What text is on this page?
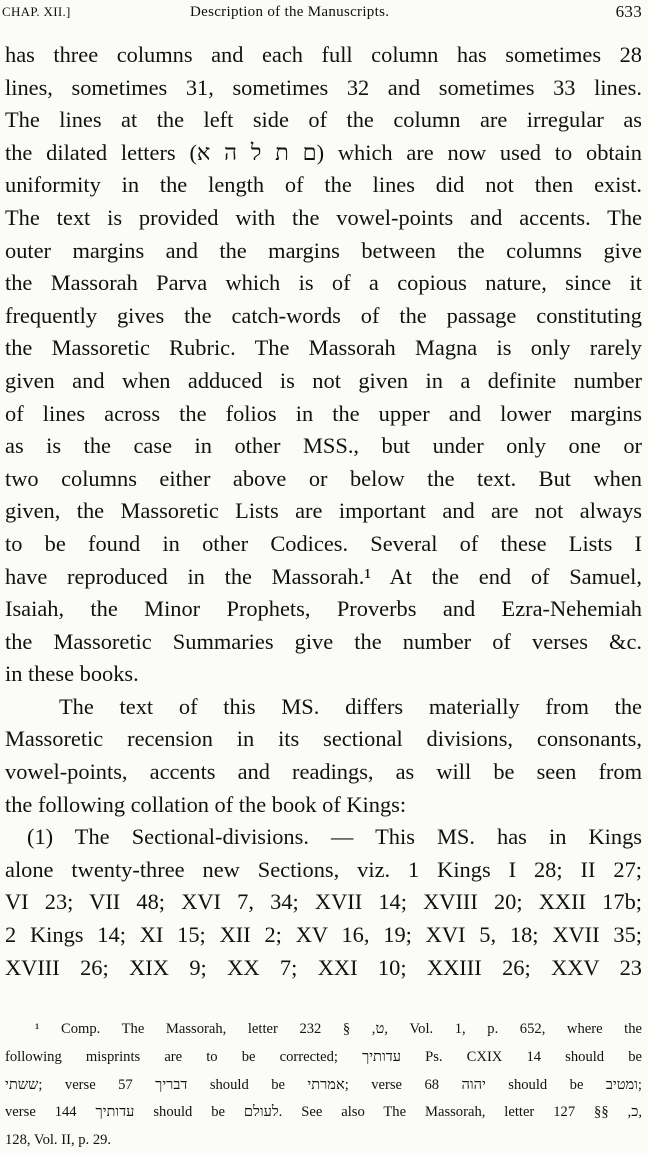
CHAP. XII.]	Description of the Manuscripts.	633
has three columns and each full column has sometimes 28
lines, sometimes 31, sometimes 32 and sometimes 33 lines.
The lines at the left side of the column are irregular as
the dilated letters (ם ת ל ה א) which are now used to obtain
uniformity in the length of the lines did not then exist.
The text is provided with the vowel-points and accents. The
outer margins and the margins between the columns give
the Massorah Parva which is of a copious nature, since it
frequently gives the catch-words of the passage constituting
the Massoretic Rubric. The Massorah Magna is only rarely
given and when adduced is not given in a definite number
of lines across the folios in the upper and lower margins
as is the case in other MSS., but under only one or
two columns either above or below the text. But when
given, the Massoretic Lists are important and are not always
to be found in other Codices. Several of these Lists I
have reproduced in the Massorah.¹ At the end of Samuel,
Isaiah, the Minor Prophets, Proverbs and Ezra-Nehemiah
the Massoretic Summaries give the number of verses &c.
in these books.
The text of this MS. differs materially from the
Massoretic recension in its sectional divisions, consonants,
vowel-points, accents and readings, as will be seen from
the following collation of the book of Kings:
(1) The Sectional-divisions. — This MS. has in Kings
alone twenty-three new Sections, viz. 1 Kings I 28; II 27;
VI 23; VII 48; XVI 7, 34; XVII 14; XVIII 20; XXII 17b;
2 Kings 14; XI 15; XII 2; XV 16, 19; XVI 5, 18; XVII 35;
XVIII 26; XIX 9; XX 7; XXI 10; XXIII 26; XXV 23
¹ Comp. The Massorah, letter ט, § 232, Vol. 1, p. 652, where the
following misprints are to be corrected; עדותיך Ps. CXIX 14 should be
ששתי; verse 57 דבריך should be אמרתי; verse 68 יהוה should be ומטיב;
verse 144 עדותיך should be לעולם. See also The Massorah, letter כ, §§ 127,
128, Vol. II, p. 29.
